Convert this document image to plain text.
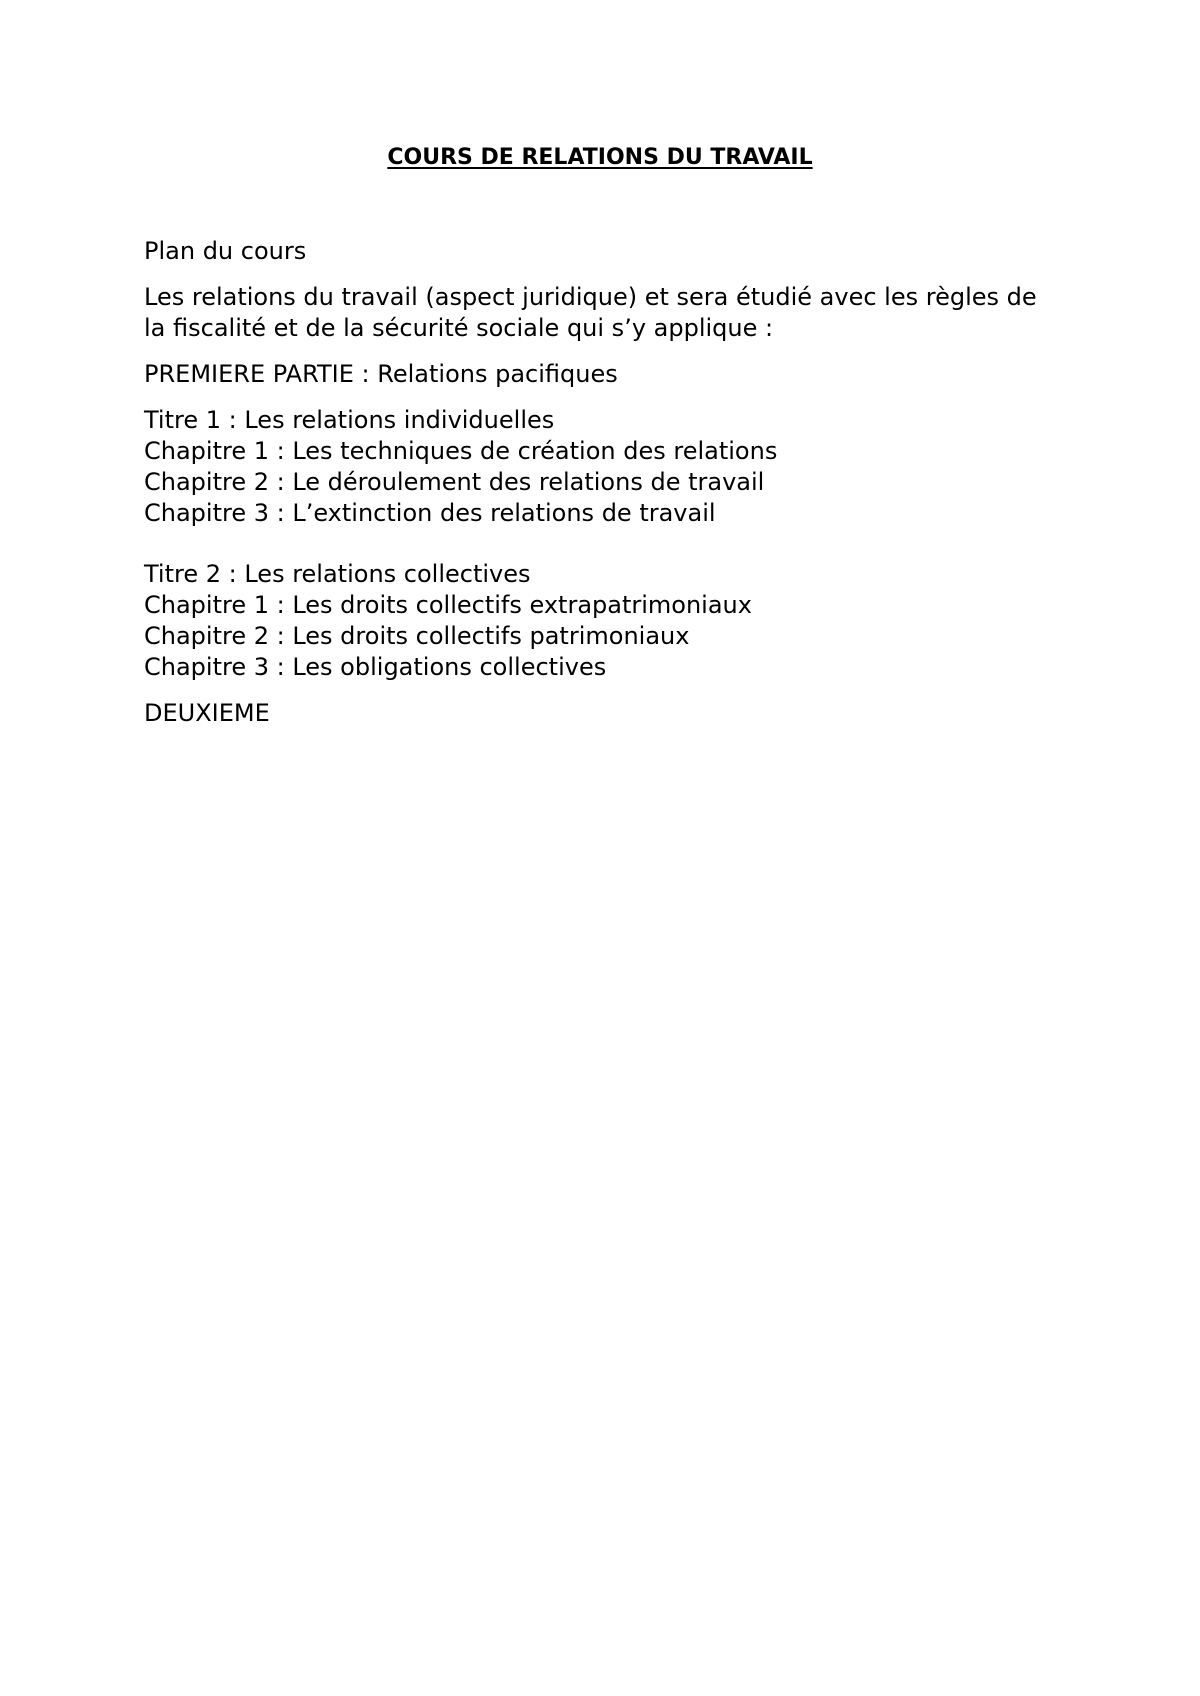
COURS DE RELATIONS DU TRAVAIL

Plan du cours

Les relations du travail (aspect juridique) et sera étudié avec les règles de la fiscalité et de la sécurité sociale qui s’y applique :

PREMIERE PARTIE : Relations pacifiques

Titre 1 : Les relations individuelles
Chapitre 1 : Les techniques de création des relations
Chapitre 2 : Le déroulement des relations de travail
Chapitre 3 : L’extinction des relations de travail
Titre 2 : Les relations collectives
Chapitre 1 : Les droits collectifs extrapatrimoniaux
Chapitre 2 : Les droits collectifs patrimoniaux
Chapitre 3 : Les obligations collectives

DEUXIEME
